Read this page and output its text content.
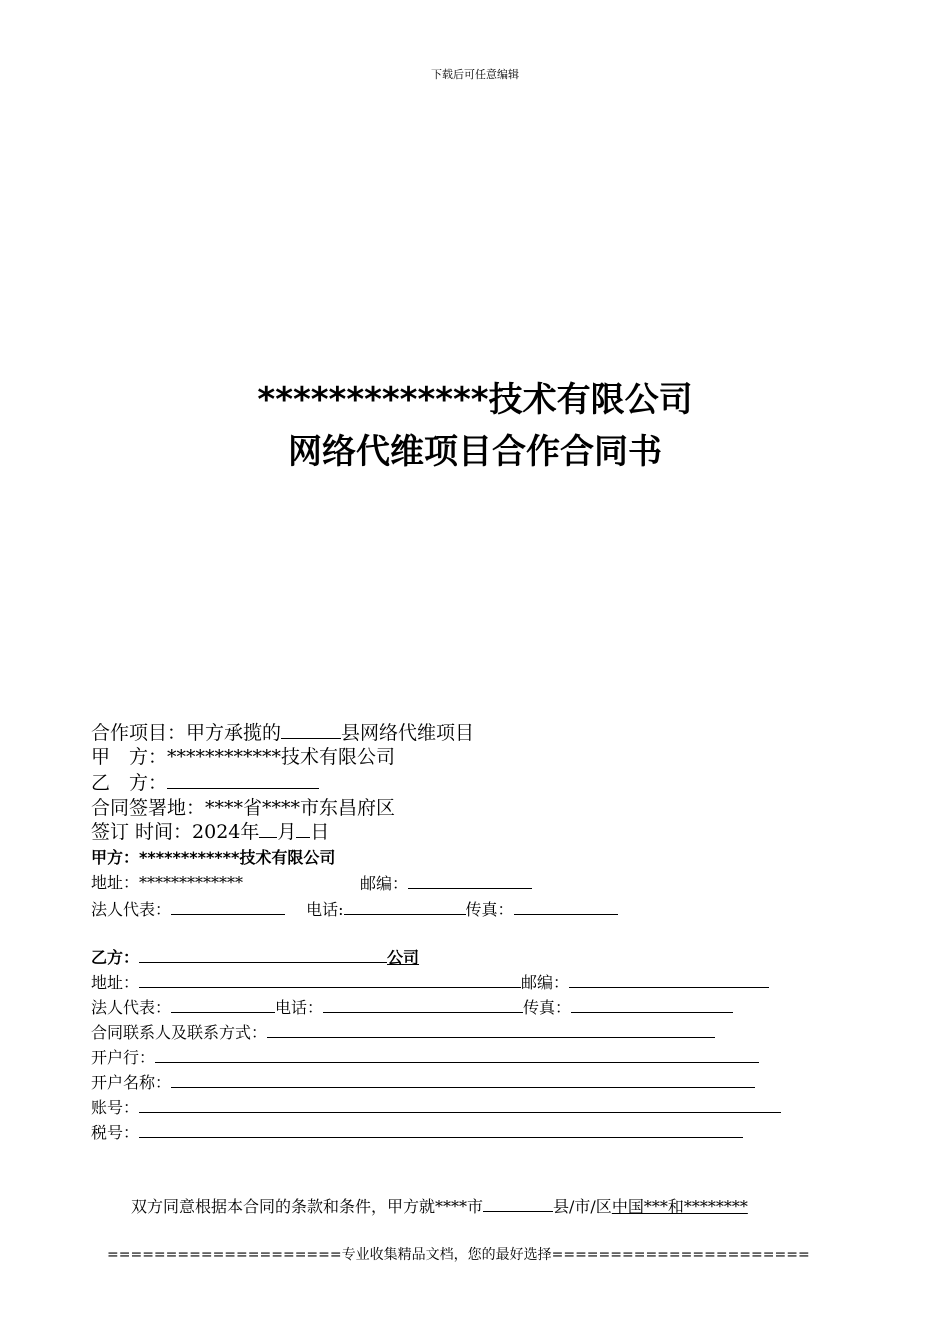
下载后可任意编辑
*************技术有限公司
网络代维项目合作合同书
合作项目：甲方承揽的	县网络代维项目
甲　方：************技术有限公司
乙　方：
合同签署地：****省****市东昌府区
签订 时间：2024年 月 日
甲方：************技术有限公司
地址：*************	邮编：
法人代表：	电话:	传真：
乙方：	公司
地址：	邮编：
法人代表：	电话：	传真：
合同联系人及联系方式：
开户行：
开户名称：
账号：
税号：
双方同意根据本合同的条款和条件，甲方就****市	县/市/区中国***和********
====================专业收集精品文档，您的最好选择======================
